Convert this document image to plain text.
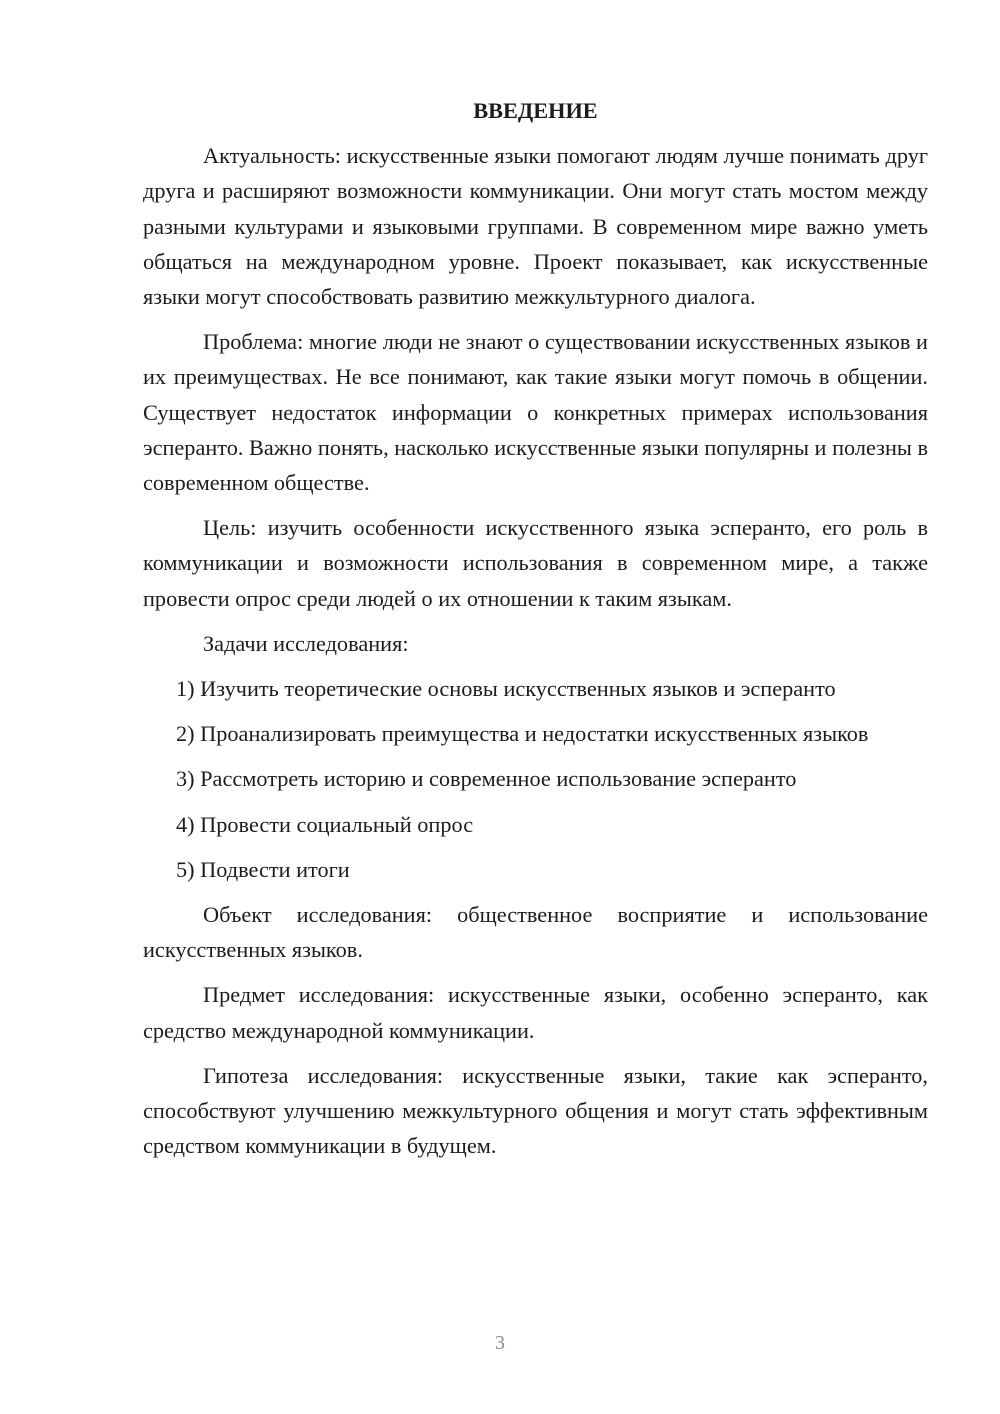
ВВЕДЕНИЕ

Актуальность: искусственные языки помогают людям лучше понимать друг друга и расширяют возможности коммуникации. Они могут стать мостом между разными культурами и языковыми группами. В современном мире важно уметь общаться на международном уровне. Проект показывает, как искусственные языки могут способствовать развитию межкультурного диалога.

Проблема: многие люди не знают о существовании искусственных языков и их преимуществах. Не все понимают, как такие языки могут помочь в общении. Существует недостаток информации о конкретных примерах использования эсперанто. Важно понять, насколько искусственные языки популярны и полезны в современном обществе.

Цель: изучить особенности искусственного языка эсперанто, его роль в коммуникации и возможности использования в современном мире, а также провести опрос среди людей о их отношении к таким языкам.

Задачи исследования:

1) Изучить теоретические основы искусственных языков и эсперанто

2) Проанализировать преимущества и недостатки искусственных языков

3) Рассмотреть историю и современное использование эсперанто

4) Провести социальный опрос

5) Подвести итоги

Объект исследования: общественное восприятие и использование искусственных языков.

Предмет исследования: искусственные языки, особенно эсперанто, как средство международной коммуникации.

Гипотеза исследования: искусственные языки, такие как эсперанто, способствуют улучшению межкультурного общения и могут стать эффективным средством коммуникации в будущем.

3
